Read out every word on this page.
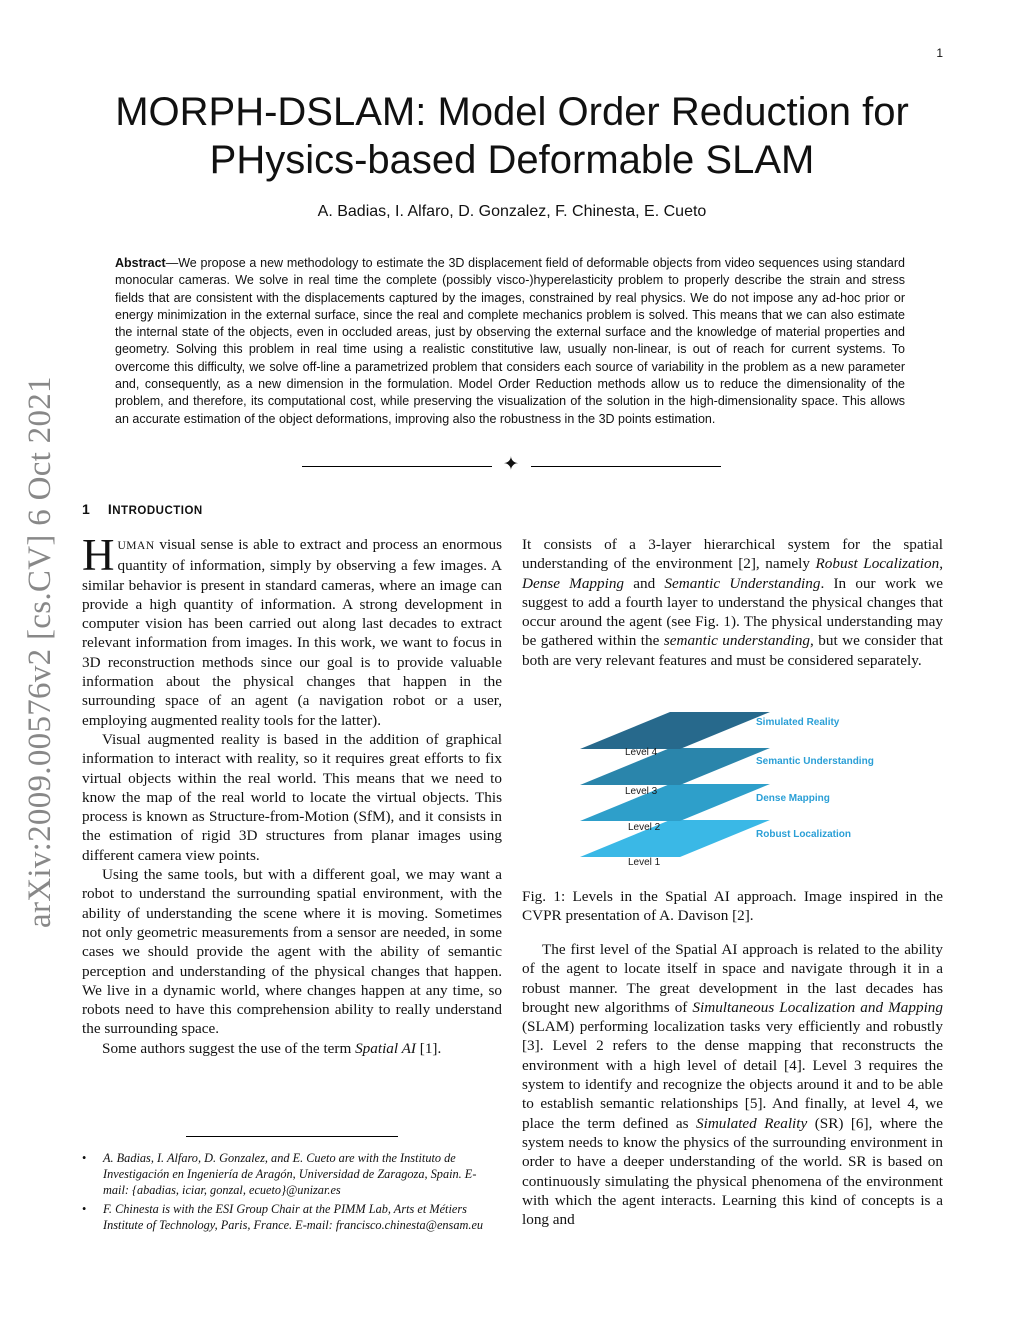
1
arXiv:2009.00576v2 [cs.CV] 6 Oct 2021
MORPH-DSLAM: Model Order Reduction for
PHysics-based Deformable SLAM
A. Badias, I. Alfaro, D. Gonzalez, F. Chinesta, E. Cueto

Abstract—We propose a new methodology to estimate the 3D displacement field of deformable objects from video sequences using standard monocular cameras. We solve in real time the complete (possibly visco-)hyperelasticity problem to properly describe the strain and stress fields that are consistent with the displacements captured by the images, constrained by real physics. We do not impose any ad-hoc prior or energy minimization in the external surface, since the real and complete mechanics problem is solved. This means that we can also estimate the internal state of the objects, even in occluded areas, just by observing the external surface and the knowledge of material properties and geometry. Solving this problem in real time using a realistic constitutive law, usually non-linear, is out of reach for current systems. To overcome this difficulty, we solve off-line a parametrized problem that considers each source of variability in the problem as a new parameter and, consequently, as a new dimension in the formulation. Model Order Reduction methods allow us to reduce the dimensionality of the problem, and therefore, its computational cost, while preserving the visualization of the solution in the high-dimensionality space. This allows an accurate estimation of the object deformations, improving also the robustness in the 3D points estimation.

✦
1 INTRODUCTION

HUMAN visual sense is able to extract and process an enormous quantity of information, simply by observing a few images. A similar behavior is present in standard cameras, where an image can provide a high quantity of information. A strong development in computer vision has been carried out along last decades to extract relevant information from images. In this work, we want to focus in 3D reconstruction methods since our goal is to provide valuable information about the physical changes that happen in the surrounding space of an agent (a navigation robot or a user, employing augmented reality tools for the latter).

Visual augmented reality is based in the addition of graphical information to interact with reality, so it requires great efforts to fix virtual objects within the real world. This means that we need to know the map of the real world to locate the virtual objects. This process is known as Structure-from-Motion (SfM), and it consists in the estimation of rigid 3D structures from planar images using different camera view points.

Using the same tools, but with a different goal, we may want a robot to understand the surrounding spatial environment, with the ability of understanding the scene where it is moving. Sometimes not only geometric measurements from a sensor are needed, in some cases we should provide the agent with the ability of semantic perception and understanding of the physical changes that happen. We live in a dynamic world, where changes happen at any time, so robots need to have this comprehension ability to really understand the surrounding space.

Some authors suggest the use of the term Spatial AI [1].

• A. Badias, I. Alfaro, D. Gonzalez, and E. Cueto are with the Instituto de Investigación en Ingeniería de Aragón, Universidad de Zaragoza, Spain. E-mail: {abadias, iciar, gonzal, ecueto}@unizar.es
• F. Chinesta is with the ESI Group Chair at the PIMM Lab, Arts et Métiers Institute of Technology, Paris, France. E-mail: francisco.chinesta@ensam.eu

It consists of a 3-layer hierarchical system for the spatial understanding of the environment [2], namely Robust Localization, Dense Mapping and Semantic Understanding. In our work we suggest to add a fourth layer to understand the physical changes that occur around the agent (see Fig. 1). The physical understanding may be gathered within the semantic understanding, but we consider that both are very relevant features and must be considered separately.

Level 1
Level 2
Level 3
Level 4
Robust Localization
Dense Mapping
Semantic Understanding
Simulated Reality

Fig. 1: Levels in the Spatial AI approach. Image inspired in the CVPR presentation of A. Davison [2].

The first level of the Spatial AI approach is related to the ability of the agent to locate itself in space and navigate through it in a robust manner. The great development in the last decades has brought new algorithms of Simultaneous Localization and Mapping (SLAM) performing localization tasks very efficiently and robustly [3]. Level 2 refers to the dense mapping that reconstructs the environment with a high level of detail [4]. Level 3 requires the system to identify and recognize the objects around it and to be able to establish semantic relationships [5]. And finally, at level 4, we place the term defined as Simulated Reality (SR) [6], where the system needs to know the physics of the surrounding environment in order to have a deeper understanding of the world. SR is based on continuously simulating the physical phenomena of the environment with which the agent interacts. Learning this kind of concepts is a long and
